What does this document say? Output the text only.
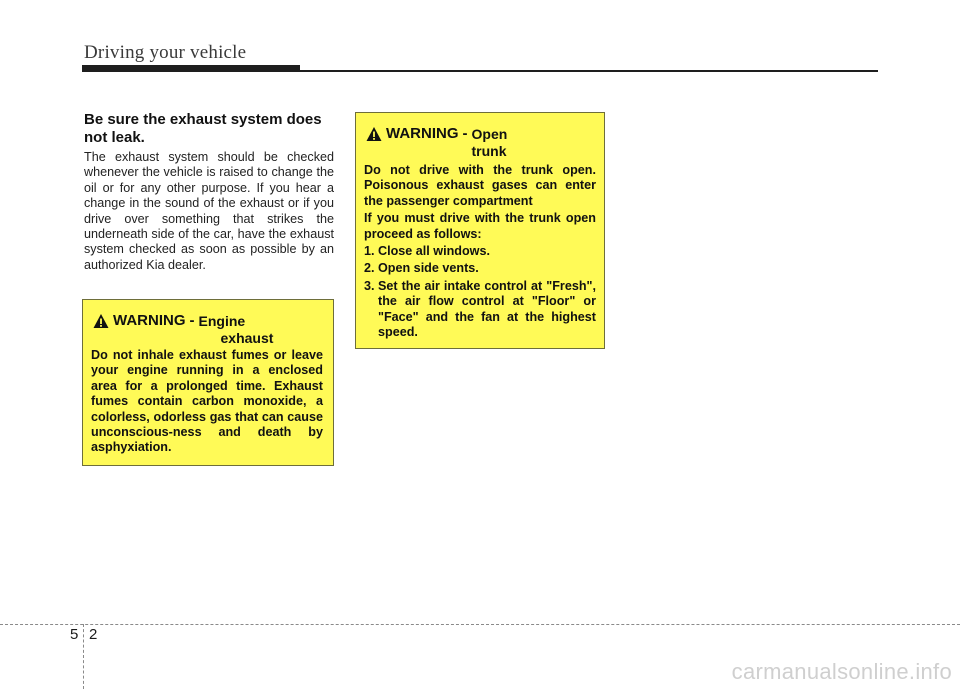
Driving your vehicle
Be sure the exhaust system does not leak.
The exhaust system should be checked whenever the vehicle is raised to change the oil or for any other purpose. If you hear a change in the sound of the exhaust or if you drive over something that strikes the underneath side of the car, have the exhaust system checked as soon as possible by an authorized Kia dealer.
WARNING - Engine
exhaust
Do not inhale exhaust fumes or leave your engine running in a enclosed area for a prolonged time. Exhaust fumes contain carbon monoxide, a colorless, odorless gas that can cause unconscious-ness and death by asphyxiation.
WARNING - Open
trunk

Do not drive with the trunk open. Poisonous exhaust gases can enter the passenger compartment

If you must drive with the trunk open proceed as follows:

1. Close all windows.
2. Open side vents.
3. Set the air intake control at "Fresh", the air flow control at "Floor" or "Face" and the fan at the highest speed.
5 2
carmanualsonline.info
